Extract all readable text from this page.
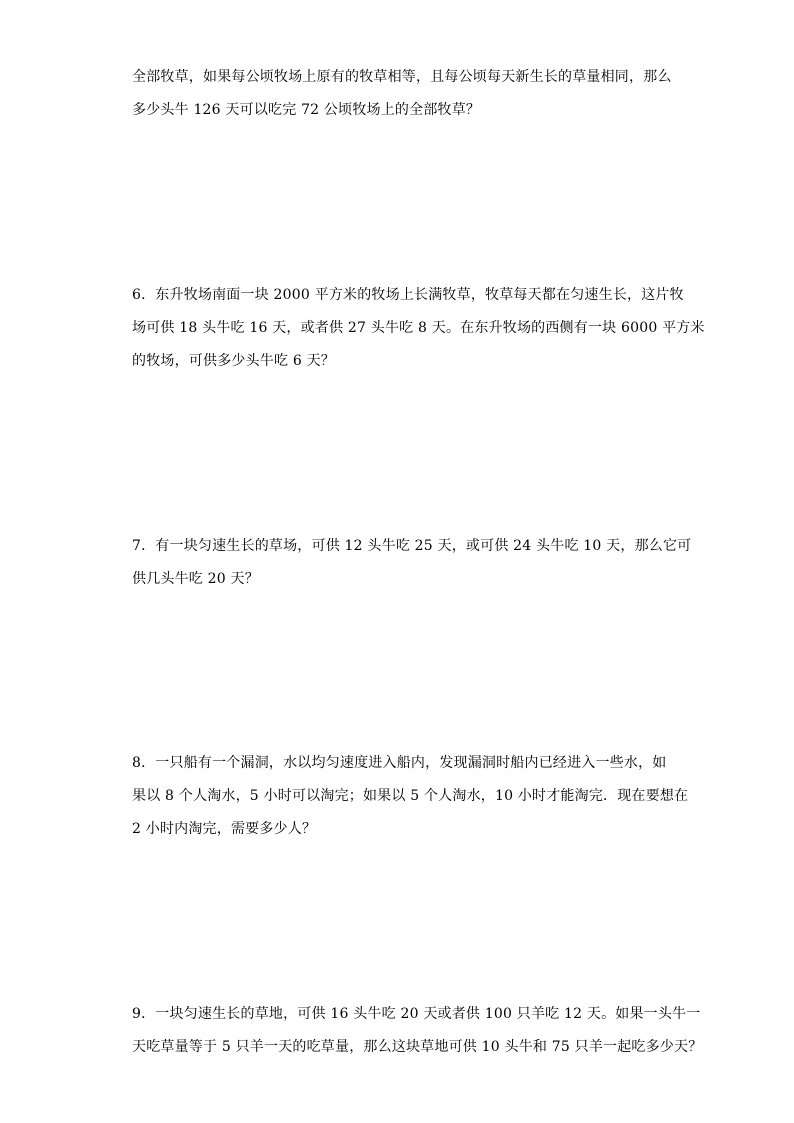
全部牧草，如果每公顷牧场上原有的牧草相等，且每公顷每天新生长的草量相同，那么
多少头牛 126 天可以吃完 72 公顷牧场上的全部牧草？
6．东升牧场南面一块 2000 平方米的牧场上长满牧草，牧草每天都在匀速生长，这片牧
场可供 18 头牛吃 16 天，或者供 27 头牛吃 8 天。在东升牧场的西侧有一块 6000 平方米
的牧场，可供多少头牛吃 6 天？
7．有一块匀速生长的草场，可供 12 头牛吃 25 天，或可供 24 头牛吃 10 天，那么它可
供几头牛吃 20 天？
8．一只船有一个漏洞，水以均匀速度进入船内，发现漏洞时船内已经进入一些水，如
果以 8 个人淘水，5 小时可以淘完；如果以 5 个人淘水，10 小时才能淘完．现在要想在
2 小时内淘完，需要多少人？
9．一块匀速生长的草地，可供 16 头牛吃 20 天或者供 100 只羊吃 12 天。如果一头牛一
天吃草量等于 5 只羊一天的吃草量，那么这块草地可供 10 头牛和 75 只羊一起吃多少天？
